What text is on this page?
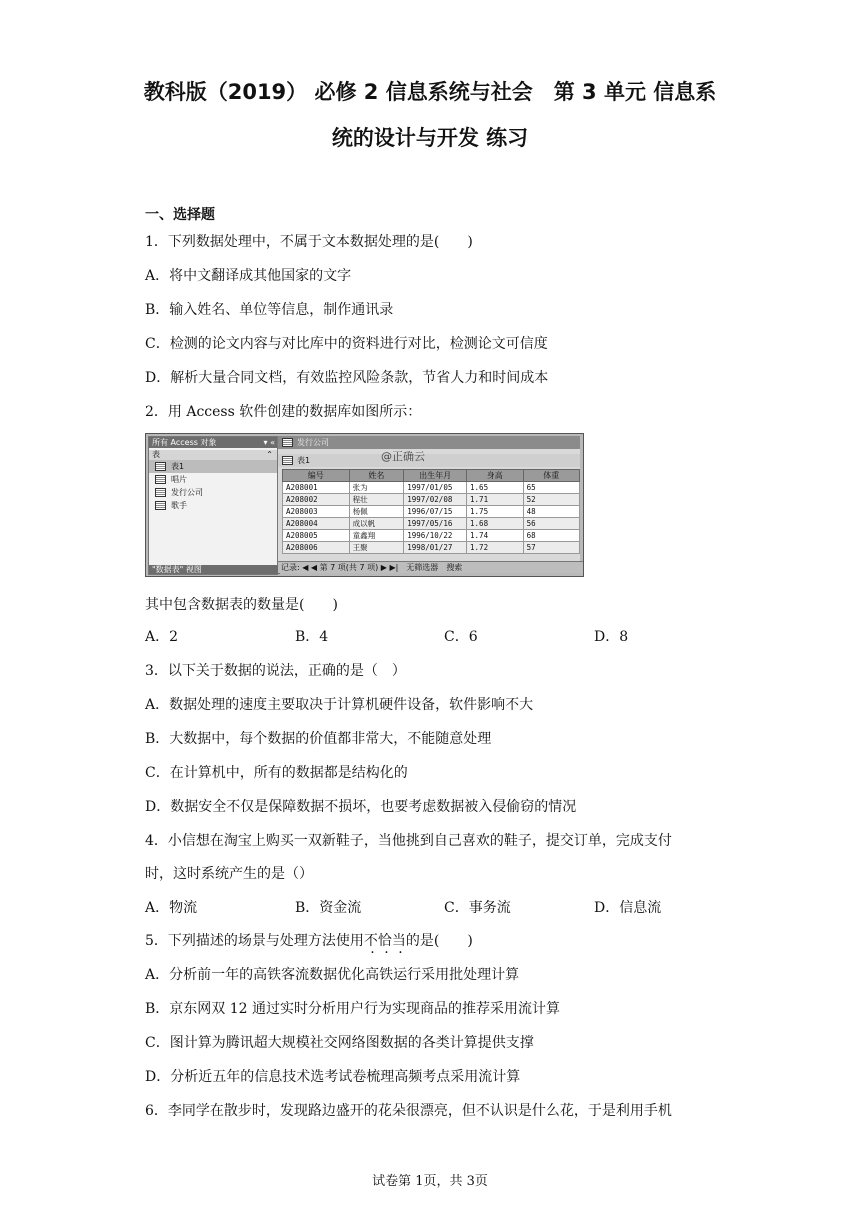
教科版（2019） 必修 2 信息系统与社会　第 3 单元 信息系
统的设计与开发 练习
一、选择题
1．下列数据处理中，不属于文本数据处理的是(　　)
A．将中文翻译成其他国家的文字
B．输入姓名、单位等信息，制作通讯录
C．检测的论文内容与对比库中的资料进行对比，检测论文可信度
D．解析大量合同文档，有效监控风险条款，节省人力和时间成本
2．用 Access 软件创建的数据库如图所示：
所有 Access 对象	▾ «
表	⌃
表1
唱片
发行公司
歌手
"数据表" 视图
发行公司
@正确云
表1
编号	姓名	出生年月	身高	体重
A208001	张为	1997/01/05	1.65	65
A208002	程壮	1997/02/08	1.71	52
A208003	杨佩	1996/07/15	1.75	48
A208004	成以帆	1997/05/16	1.68	56
A208005	童鑫翔	1996/10/22	1.74	68
A208006	王聚	1998/01/27	1.72	57
记录: ◀ ◀ 第 7 项(共 7 项) ▶ ▶| 无筛选器 搜索
其中包含数据表的数量是(　　)
A．2	B．4	C．6	D．8
3．以下关于数据的说法，正确的是（　）
A．数据处理的速度主要取决于计算机硬件设备，软件影响不大
B．大数据中，每个数据的价值都非常大，不能随意处理
C．在计算机中，所有的数据都是结构化的
D．数据安全不仅是保障数据不损坏，也要考虑数据被入侵偷窃的情况
4．小信想在淘宝上购买一双新鞋子，当他挑到自己喜欢的鞋子，提交订单，完成支付
时，这时系统产生的是（）
A．物流	B．资金流	C．事务流	D．信息流
5．下列描述的场景与处理方法使用不恰当的是(　　)
A．分析前一年的高铁客流数据优化高铁运行采用批处理计算
B．京东网双 12 通过实时分析用户行为实现商品的推荐采用流计算
C．图计算为腾讯超大规模社交网络图数据的各类计算提供支撑
D．分析近五年的信息技术选考试卷梳理高频考点采用流计算
6．李同学在散步时，发现路边盛开的花朵很漂亮，但不认识是什么花，于是利用手机
试卷第 1页，共 3页
